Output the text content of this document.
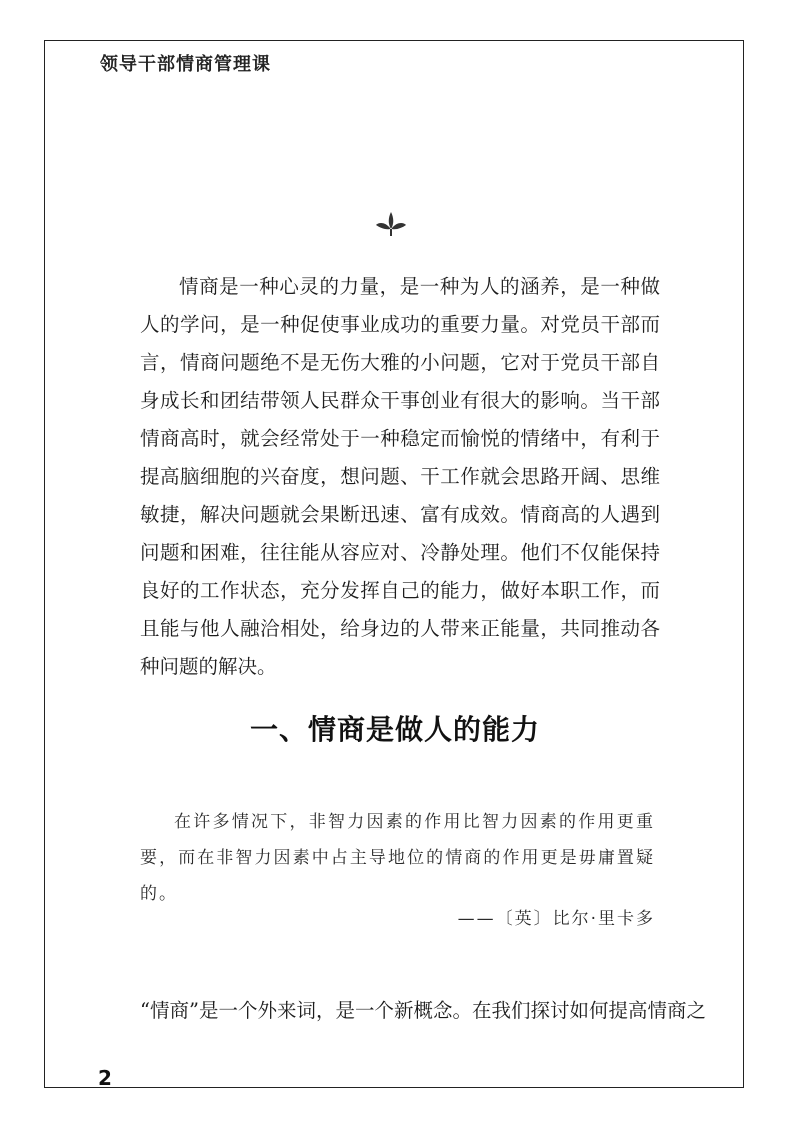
领导干部情商管理课

情商是一种心灵的力量，是一种为人的涵养，是一种做人的学问，是一种促使事业成功的重要力量。对党员干部而言，情商问题绝不是无伤大雅的小问题，它对于党员干部自身成长和团结带领人民群众干事创业有很大的影响。当干部情商高时，就会经常处于一种稳定而愉悦的情绪中，有利于提高脑细胞的兴奋度，想问题、干工作就会思路开阔、思维敏捷，解决问题就会果断迅速、富有成效。情商高的人遇到问题和困难，往往能从容应对、冷静处理。他们不仅能保持良好的工作状态，充分发挥自己的能力，做好本职工作，而且能与他人融洽相处，给身边的人带来正能量，共同推动各种问题的解决。

一、情商是做人的能力

在许多情况下，非智力因素的作用比智力因素的作用更重要，而在非智力因素中占主导地位的情商的作用更是毋庸置疑的。

——〔英〕比尔·里卡多
“情商”是一个外来词，是一个新概念。在我们探讨如何提高情商之
2
